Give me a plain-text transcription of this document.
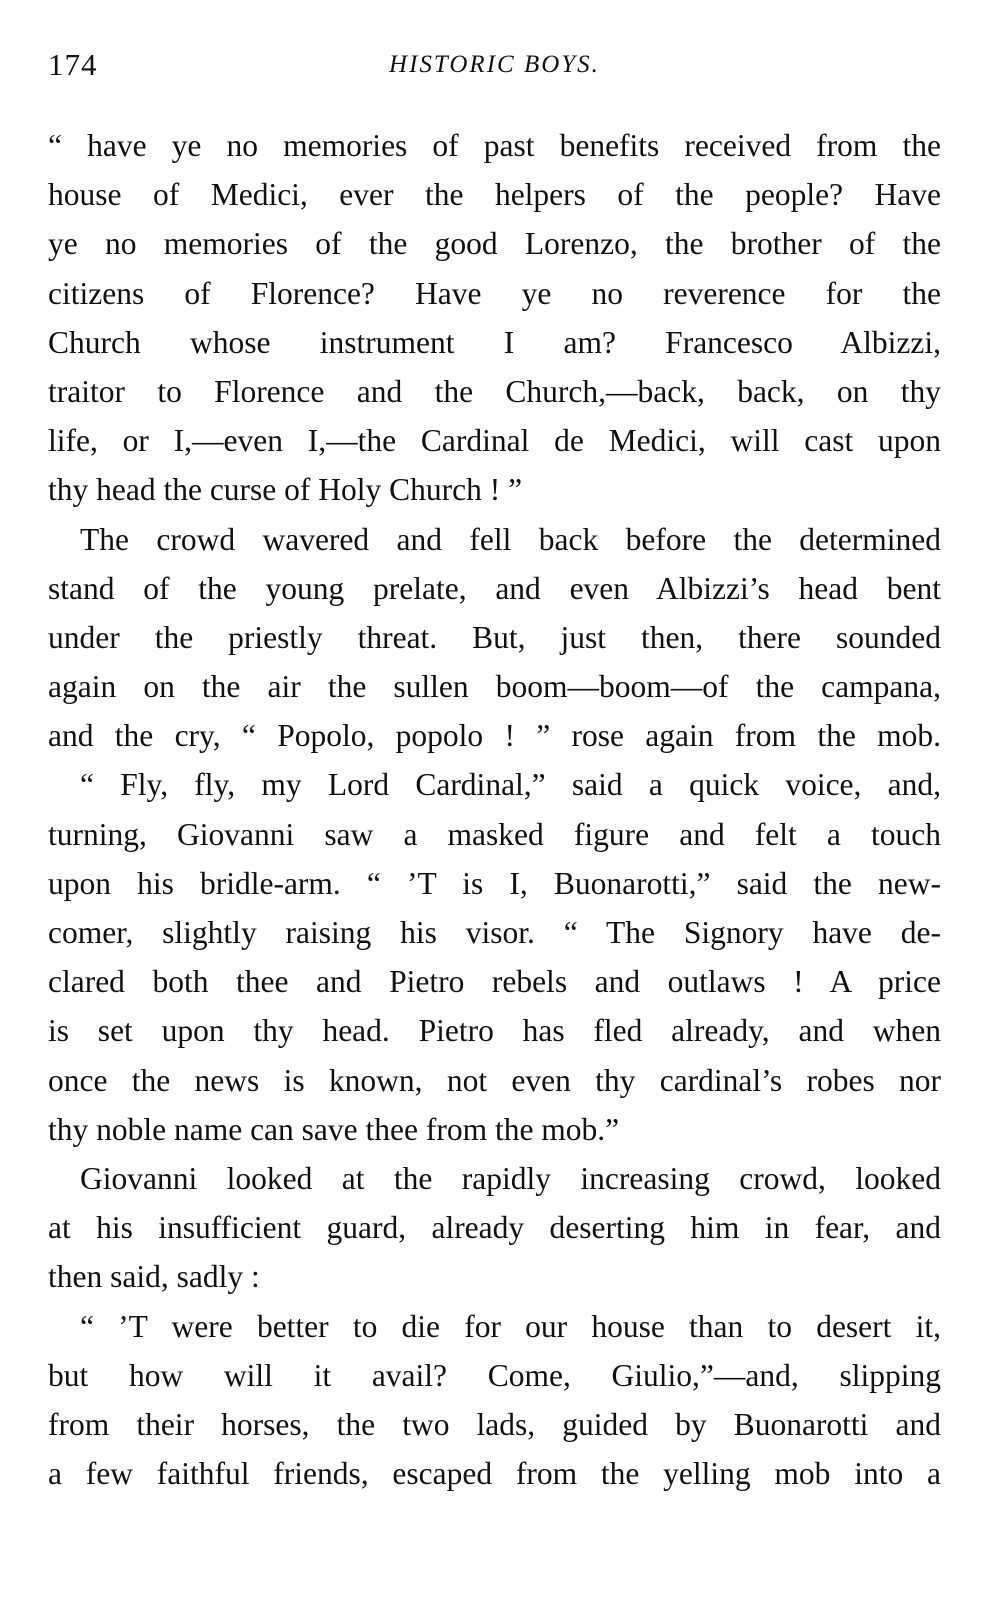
174	HISTORIC BOYS.
“ have ye no memories of past benefits received from the
house of Medici, ever the helpers of the people? Have
ye no memories of the good Lorenzo, the brother of the
citizens of Florence? Have ye no reverence for the
Church whose instrument I am? Francesco Albizzi,
traitor to Florence and the Church,—back, back, on thy
life, or I,—even I,—the Cardinal de Medici, will cast upon
thy head the curse of Holy Church ! ”
The crowd wavered and fell back before the determined
stand of the young prelate, and even Albizzi’s head bent
under the priestly threat. But, just then, there sounded
again on the air the sullen boom—boom—of the campana,
and the cry, “ Popolo, popolo ! ” rose again from the mob.
“ Fly, fly, my Lord Cardinal,” said a quick voice, and,
turning, Giovanni saw a masked figure and felt a touch
upon his bridle-arm. “ ’T is I, Buonarotti,” said the new-
comer, slightly raising his visor. “ The Signory have de-
clared both thee and Pietro rebels and outlaws ! A price
is set upon thy head. Pietro has fled already, and when
once the news is known, not even thy cardinal’s robes nor
thy noble name can save thee from the mob.”
Giovanni looked at the rapidly increasing crowd, looked
at his insufficient guard, already deserting him in fear, and
then said, sadly :
“ ’T were better to die for our house than to desert it,
but how will it avail? Come, Giulio,”—and, slipping
from their horses, the two lads, guided by Buonarotti and
a few faithful friends, escaped from the yelling mob into a
